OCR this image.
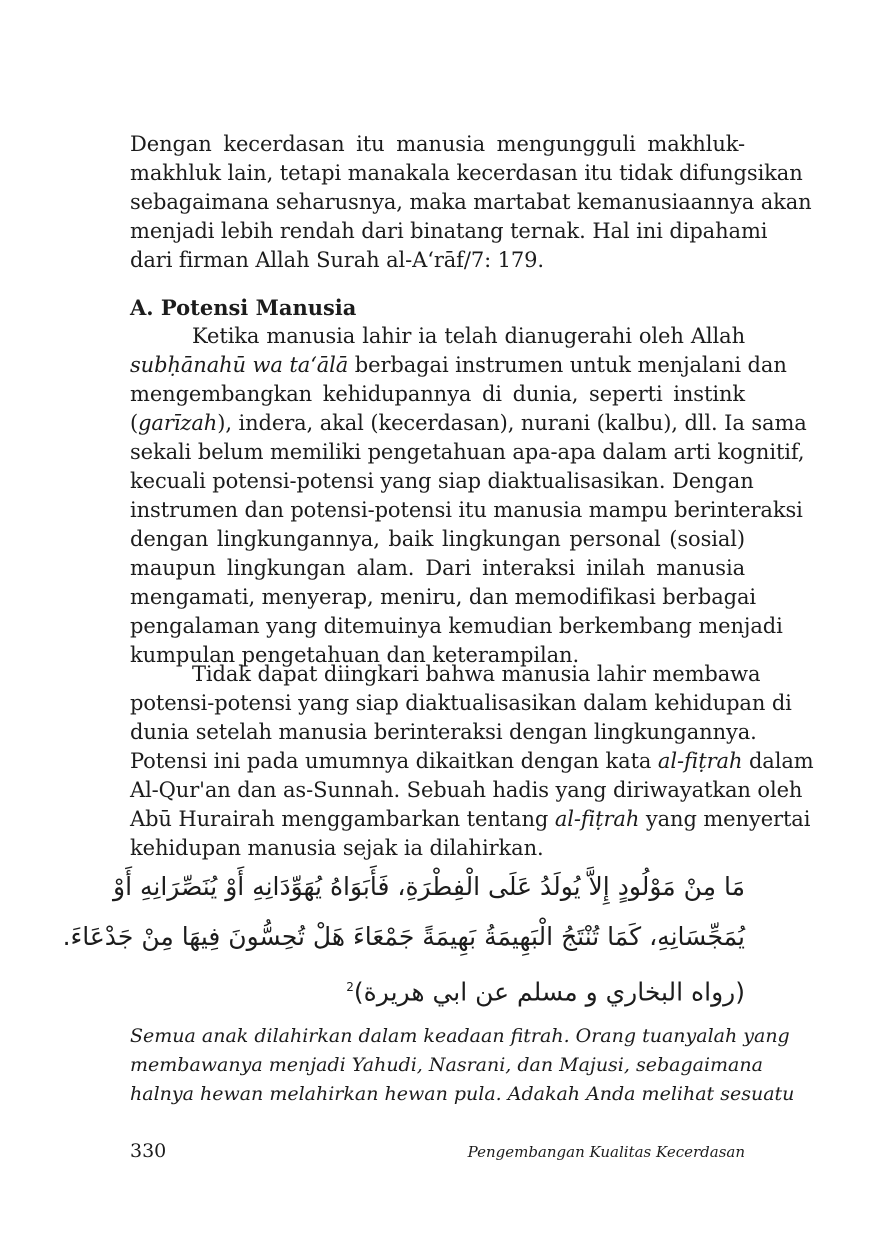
Dengan kecerdasan itu manusia mengungguli makhluk-
makhluk lain, tetapi manakala kecerdasan itu tidak difungsikan
sebagaimana seharusnya, maka martabat kemanusiaannya akan
menjadi lebih rendah dari binatang ternak. Hal ini dipahami
dari firman Allah Surah al-A‘rāf/7: 179.
A. Potensi Manusia
Ketika manusia lahir ia telah dianugerahi oleh Allah
subḥānahū wa ta‘ālā berbagai instrumen untuk menjalani dan
mengembangkan kehidupannya di dunia, seperti instink
(garīzah), indera, akal (kecerdasan), nurani (kalbu), dll. Ia sama
sekali belum memiliki pengetahuan apa-apa dalam arti kognitif,
kecuali potensi-potensi yang siap diaktualisasikan. Dengan
instrumen dan potensi-potensi itu manusia mampu berinteraksi
dengan lingkungannya, baik lingkungan personal (sosial)
maupun lingkungan alam. Dari interaksi inilah manusia
mengamati, menyerap, meniru, dan memodifikasi berbagai
pengalaman yang ditemuinya kemudian berkembang menjadi
kumpulan pengetahuan dan keterampilan.
Tidak dapat diingkari bahwa manusia lahir membawa
potensi-potensi yang siap diaktualisasikan dalam kehidupan di
dunia setelah manusia berinteraksi dengan lingkungannya.
Potensi ini pada umumnya dikaitkan dengan kata al-fiṭrah dalam
Al-Qur'an dan as-Sunnah. Sebuah hadis yang diriwayatkan oleh
Abū Hurairah menggambarkan tentang al-fiṭrah yang menyertai
kehidupan manusia sejak ia dilahirkan.
مَا مِنْ مَوْلُودٍ إِلاَّ يُولَدُ عَلَى الْفِطْرَةِ، فَأَبَوَاهُ يُهَوِّدَانِهِ أَوْ يُنَصِّرَانِهِ أَوْ
يُمَجِّسَانِهِ، كَمَا تُنْتَجُ الْبَهِيمَةُ بَهِيمَةً جَمْعَاءَ هَلْ تُحِسُّونَ فِيهَا مِنْ جَدْعَاءَ.
(رواه البخاري و مسلم عن ابي هريرة)$^2$
Semua anak dilahirkan dalam keadaan fitrah. Orang tuanyalah yang
membawanya menjadi Yahudi, Nasrani, dan Majusi, sebagaimana
halnya hewan melahirkan hewan pula. Adakah Anda melihat sesuatu
330	Pengembangan Kualitas Kecerdasan
